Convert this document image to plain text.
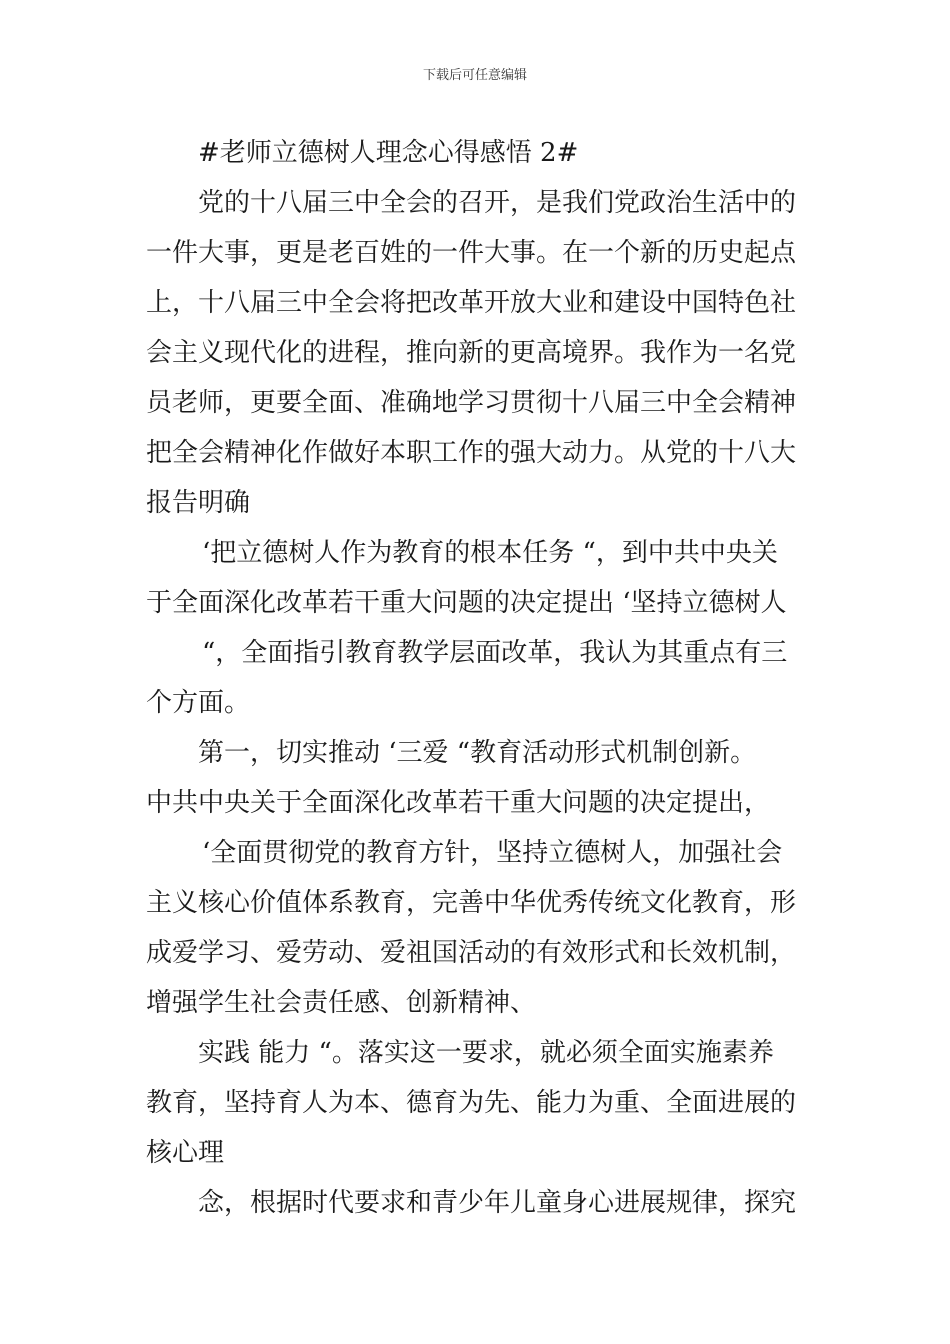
下载后可任意编辑
#老师立德树人理念心得感悟 2#
党的十八届三中全会的召开，是我们党政治生活中的
一件大事，更是老百姓的一件大事。在一个新的历史起点
上，十八届三中全会将把改革开放大业和建设中国特色社
会主义现代化的进程，推向新的更高境界。我作为一名党
员老师，更要全面、准确地学习贯彻十八届三中全会精神
把全会精神化作做好本职工作的强大动力。从党的十八大
报告明确
‘把立德树人作为教育的根本任务 “，到中共中央关
于全面深化改革若干重大问题的决定提出 ‘坚持立德树人
“，全面指引教育教学层面改革，我认为其重点有三
个方面。
第一，切实推动 ‘三爱 “教育活动形式机制创新。
中共中央关于全面深化改革若干重大问题的决定提出，
‘全面贯彻党的教育方针，坚持立德树人，加强社会
主义核心价值体系教育，完善中华优秀传统文化教育，形
成爱学习、爱劳动、爱祖国活动的有效形式和长效机制，
增强学生社会责任感、创新精神、
实践 能力 “。落实这一要求，就必须全面实施素养
教育，坚持育人为本、德育为先、能力为重、全面进展的
核心理
念，根据时代要求和青少年儿童身心进展规律，探究
